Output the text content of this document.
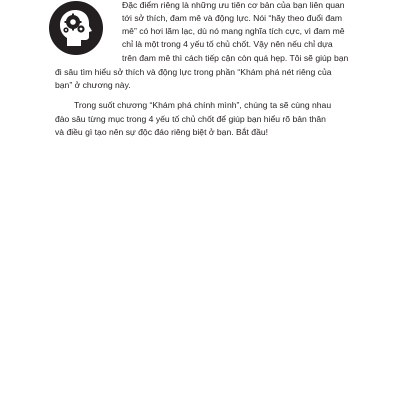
Đặc điểm riêng là những ưu tiên cơ bản của bạn liên quan
tới sở thích, đam mê và động lực. Nói “hãy theo đuổi đam
mê” có hơi lãm lạc, dù nó mang nghĩa tích cực, vì đam mê
chỉ là một trong 4 yếu tố chủ chốt. Vậy nên nếu chỉ dựa
trên đam mê thì cách tiếp cận còn quá hẹp. Tôi sẽ giúp bạn
đi sâu tìm hiểu sở thích và động lực trong phần “Khám phá nét riêng của
bạn” ở chương này.
Trong suốt chương “Khám phá chính mình”, chúng ta sẽ cùng nhau
đào sâu từng mục trong 4 yếu tố chủ chốt để giúp bạn hiểu rõ bản thân
và điều gì tạo nên sự độc đáo riêng biệt ở bạn. Bắt đầu!
